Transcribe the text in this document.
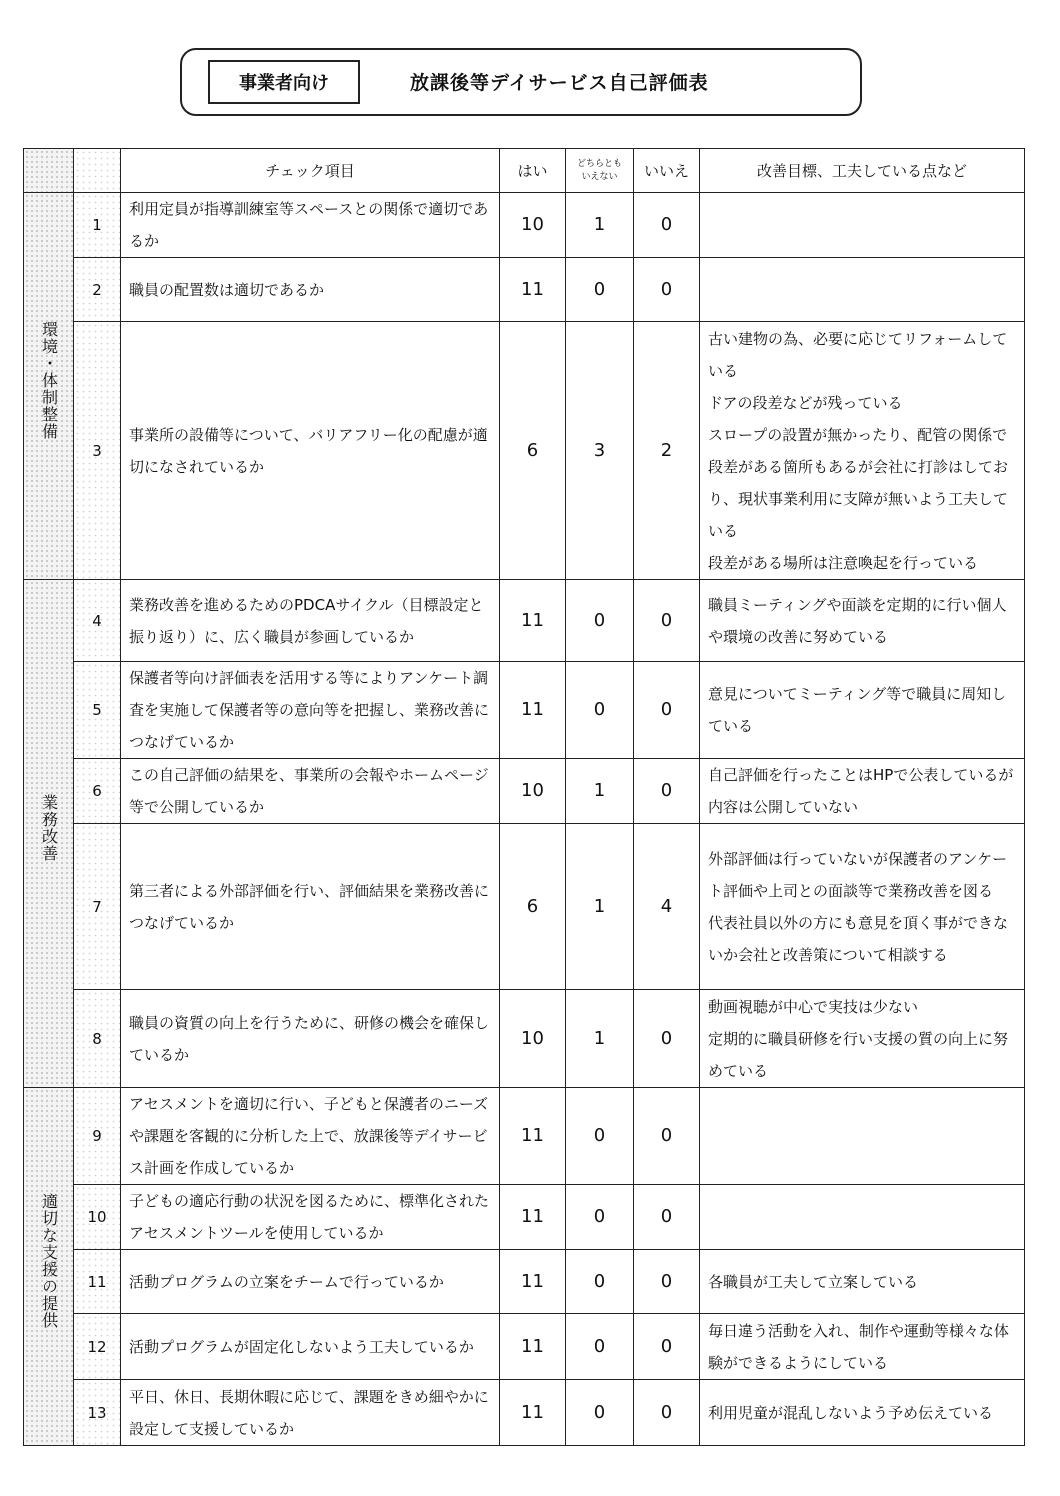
事業者向け	放課後等デイサービス自己評価表
		チェック項目	はい	どちらとも
いえない	いいえ	改善目標、工夫している点など
環境・体制整備	1	利用定員が指導訓練室等スペースとの関係で適切であるか	10	1	0	
	2	職員の配置数は適切であるか	11	0	0	
	3	事業所の設備等について、バリアフリー化の配慮が適切になされているか	6	3	2	古い建物の為、必要に応じてリフォームしている
ドアの段差などが残っている
スロープの設置が無かったり、配管の関係で段差がある箇所もあるが会社に打診はしており、現状事業利用に支障が無いよう工夫している
段差がある場所は注意喚起を行っている

業務改善	4	業務改善を進めるためのPDCAサイクル（目標設定と振り返り）に、広く職員が参画しているか	11	0	0	職員ミーティングや面談を定期的に行い個人や環境の改善に努めている

	5	保護者等向け評価表を活用する等によりアンケート調査を実施して保護者等の意向等を把握し、業務改善につなげているか	11	0	0	意見についてミーティング等で職員に周知している

	6	この自己評価の結果を、事業所の会報やホームページ等で公開しているか	10	1	0	自己評価を行ったことはHPで公表しているが内容は公開していない

	7	第三者による外部評価を行い、評価結果を業務改善につなげているか	6	1	4	外部評価は行っていないが保護者のアンケート評価や上司との面談等で業務改善を図る
代表社員以外の方にも意見を頂く事ができないか会社と改善策について相談する

	8	職員の資質の向上を行うために、研修の機会を確保しているか	10	1	0	動画視聴が中心で実技は少ない
定期的に職員研修を行い支援の質の向上に努めている

適切な支援の提供	9	アセスメントを適切に行い、子どもと保護者のニーズや課題を客観的に分析した上で、放課後等デイサービス計画を作成しているか	11	0	0	
	10	子どもの適応行動の状況を図るために、標準化されたアセスメントツールを使用しているか	11	0	0	
	11	活動プログラムの立案をチームで行っているか	11	0	0	各職員が工夫して立案している

	12	活動プログラムが固定化しないよう工夫しているか	11	0	0	毎日違う活動を入れ、制作や運動等様々な体験ができるようにしている

	13	平日、休日、長期休暇に応じて、課題をきめ細やかに設定して支援しているか	11	0	0	利用児童が混乱しないよう予め伝えている
